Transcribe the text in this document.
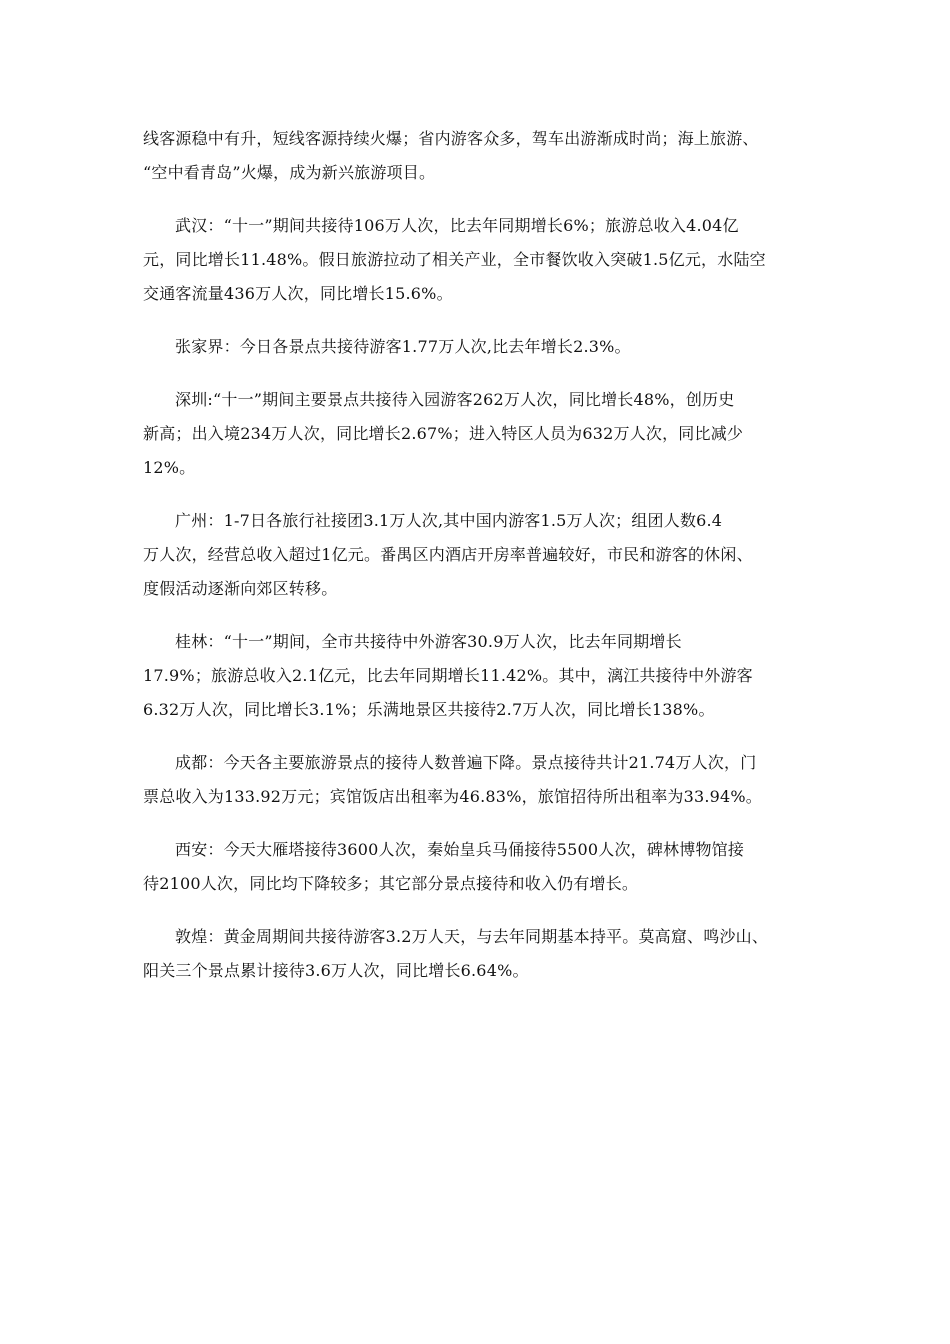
线客源稳中有升，短线客源持续火爆；省内游客众多，驾车出游渐成时尚；海上旅游、
“空中看青岛”火爆，成为新兴旅游项目。

武汉：“十一”期间共接待106万人次，比去年同期增长6%；旅游总收入4.04亿
元，同比增长11.48%。假日旅游拉动了相关产业，全市餐饮收入突破1.5亿元，水陆空
交通客流量436万人次，同比增长15.6%。

张家界：今日各景点共接待游客1.77万人次,比去年增长2.3%。

深圳:“十一”期间主要景点共接待入园游客262万人次，同比增长48%，创历史
新高；出入境234万人次，同比增长2.67%；进入特区人员为632万人次，同比减少
12%。

广州：1-7日各旅行社接团3.1万人次,其中国内游客1.5万人次；组团人数6.4
万人次，经营总收入超过1亿元。番禺区内酒店开房率普遍较好，市民和游客的休闲、
度假活动逐渐向郊区转移。

桂林：“十一”期间，全市共接待中外游客30.9万人次，比去年同期增长
17.9%；旅游总收入2.1亿元，比去年同期增长11.42%。其中，漓江共接待中外游客
6.32万人次，同比增长3.1%；乐满地景区共接待2.7万人次，同比增长138%。

成都：今天各主要旅游景点的接待人数普遍下降。景点接待共计21.74万人次，门
票总收入为133.92万元；宾馆饭店出租率为46.83%，旅馆招待所出租率为33.94%。

西安：今天大雁塔接待3600人次，秦始皇兵马俑接待5500人次，碑林博物馆接
待2100人次，同比均下降较多；其它部分景点接待和收入仍有增长。

敦煌：黄金周期间共接待游客3.2万人天，与去年同期基本持平。莫高窟、鸣沙山、
阳关三个景点累计接待3.6万人次，同比增长6.64%。
